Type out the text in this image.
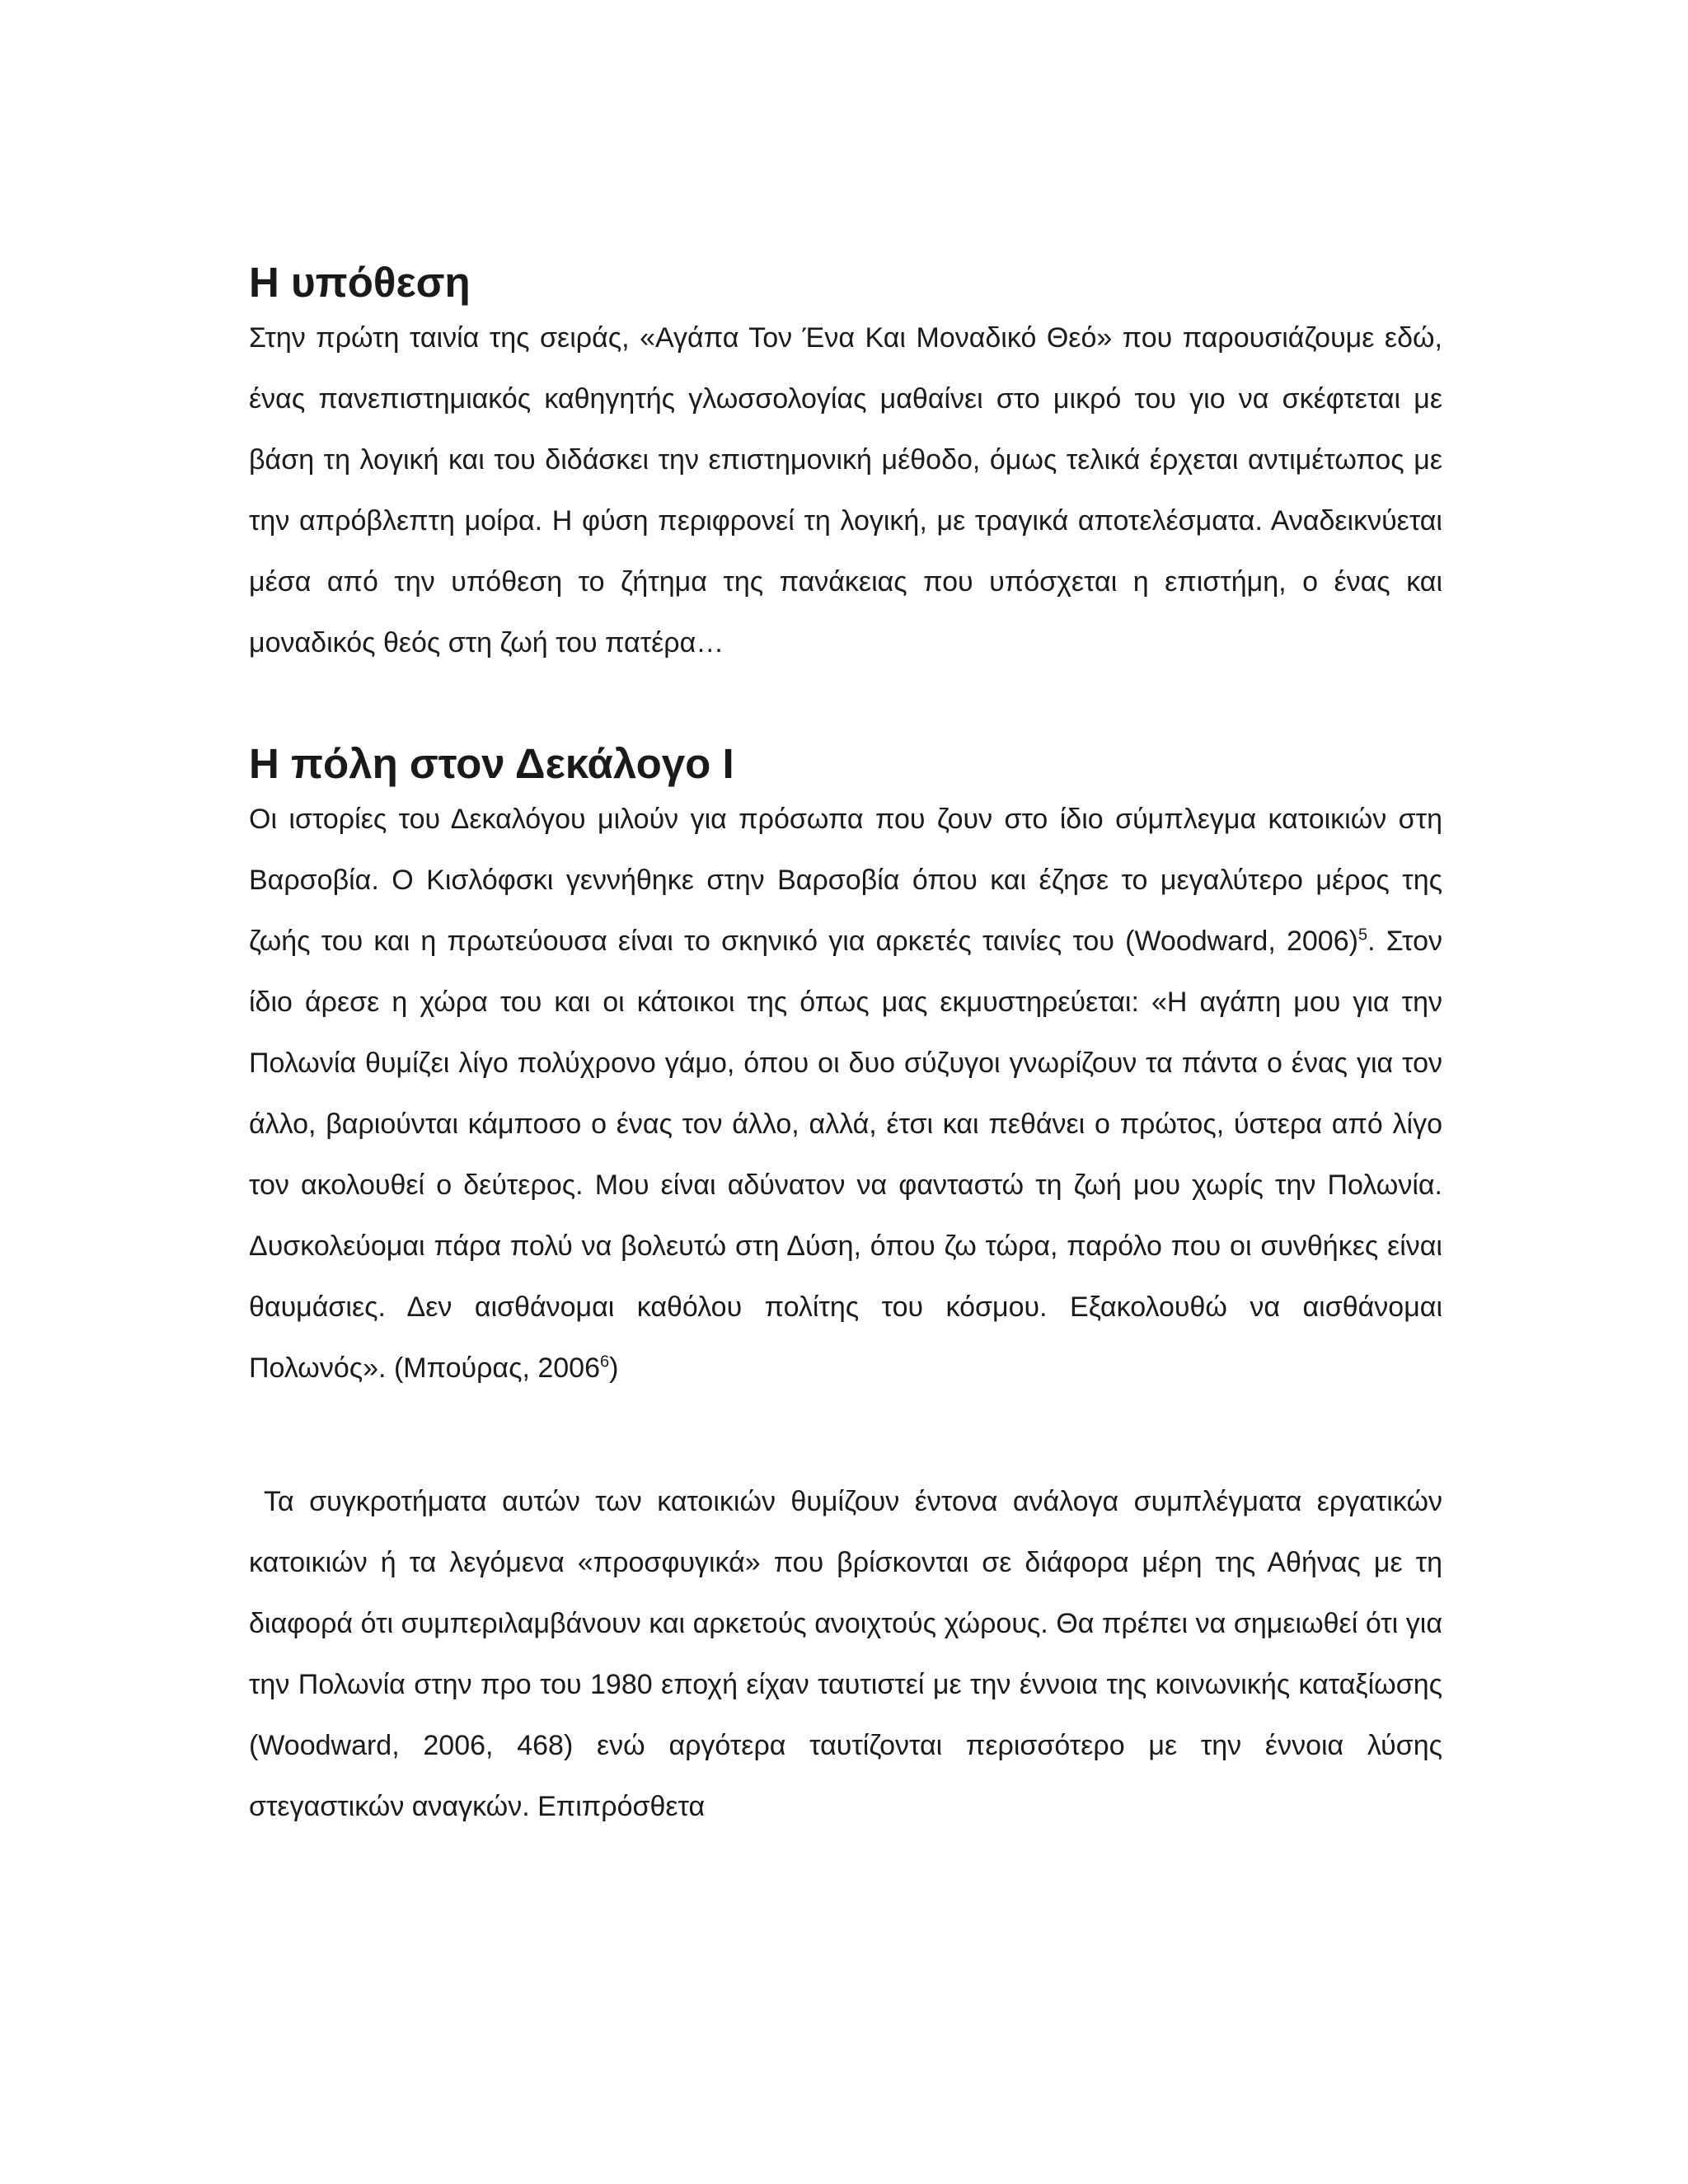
Η υπόθεση

Στην πρώτη ταινία της σειράς, «Αγάπα Τον Ένα Και Μοναδικό Θεό» που παρουσιάζουμε εδώ, ένας πανεπιστημιακός καθηγητής γλωσσολογίας μαθαίνει στο μικρό του γιο να σκέφτεται με βάση τη λογική και του διδάσκει την επιστημονική μέθοδο, όμως τελικά έρχεται αντιμέτωπος με την απρόβλεπτη μοίρα. Η φύση περιφρονεί τη λογική, με τραγικά αποτελέσματα. Αναδεικνύεται μέσα από την υπόθεση το ζήτημα της πανάκειας που υπόσχεται η επιστήμη, ο ένας και μοναδικός θεός στη ζωή του πατέρα…

Η πόλη στον Δεκάλογο Ι

Οι ιστορίες του Δεκαλόγου μιλούν για πρόσωπα που ζουν στο ίδιο σύμπλεγμα κατοικιών στη Βαρσοβία. Ο Κισλόφσκι γεννήθηκε στην Βαρσοβία όπου και έζησε το μεγαλύτερο μέρος της ζωής του και η πρωτεύουσα είναι το σκηνικό για αρκετές ταινίες του (Woodward, 2006)$^5$. Στον ίδιο άρεσε η χώρα του και οι κάτοικοι της όπως μας εκμυστηρεύεται: «Η αγάπη μου για την Πολωνία θυμίζει λίγο πολύχρονο γάμο, όπου οι δυο σύζυγοι γνωρίζουν τα πάντα ο ένας για τον άλλο, βαριούνται κάμποσο ο ένας τον άλλο, αλλά, έτσι και πεθάνει ο πρώτος, ύστερα από λίγο τον ακολουθεί ο δεύτερος. Μου είναι αδύνατον να φανταστώ τη ζωή μου χωρίς την Πολωνία. Δυσκολεύομαι πάρα πολύ να βολευτώ στη Δύση, όπου ζω τώρα, παρόλο που οι συνθήκες είναι θαυμάσιες. Δεν αισθάνομαι καθόλου πολίτης του κόσμου. Εξακολουθώ να αισθάνομαι Πολωνός». (Μπούρας, 2006$^6$)

Τα συγκροτήματα αυτών των κατοικιών θυμίζουν έντονα ανάλογα συμπλέγματα εργατικών κατοικιών ή τα λεγόμενα «προσφυγικά» που βρίσκονται σε διάφορα μέρη της Αθήνας με τη διαφορά ότι συμπεριλαμβάνουν και αρκετούς ανοιχτούς χώρους. Θα πρέπει να σημειωθεί ότι για την Πολωνία στην προ του 1980 εποχή είχαν ταυτιστεί με την έννοια της κοινωνικής καταξίωσης (Woodward, 2006, 468) ενώ αργότερα ταυτίζονται περισσότερο με την έννοια λύσης στεγαστικών αναγκών. Επιπρόσθετα
